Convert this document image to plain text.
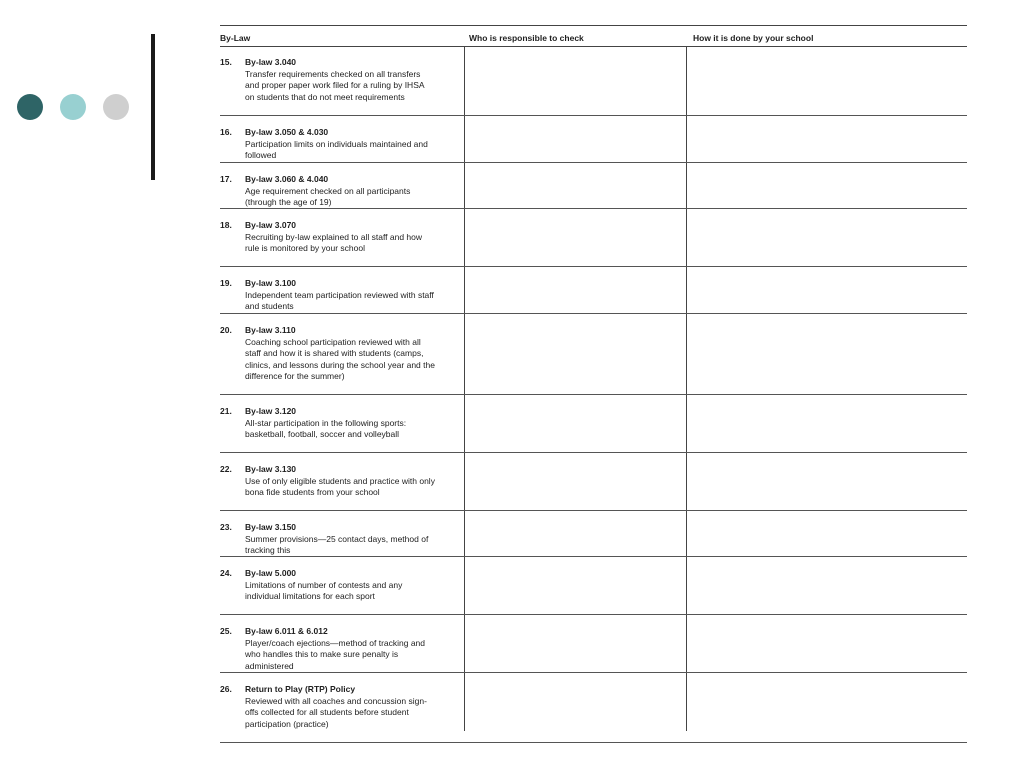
By-Law	Who is responsible to check	How it is done by your school
15. By-law 3.040
Transfer requirements checked on all transfers and proper paper work filed for a ruling by IHSA on students that do not meet requirements
16. By-law 3.050 & 4.030
Participation limits on individuals maintained and followed
17. By-law 3.060 & 4.040
Age requirement checked on all participants (through the age of 19)
18. By-law 3.070
Recruiting by-law explained to all staff and how rule is monitored by your school
19. By-law 3.100
Independent team participation reviewed with staff and students
20. By-law 3.110
Coaching school participation reviewed with all staff and how it is shared with students (camps, clinics, and lessons during the school year and the difference for the summer)
21. By-law 3.120
All-star participation in the following sports: basketball, football, soccer and volleyball
22. By-law 3.130
Use of only eligible students and practice with only bona fide students from your school
23. By-law 3.150
Summer provisions—25 contact days, method of tracking this
24. By-law 5.000
Limitations of number of contests and any individual limitations for each sport
25. By-law 6.011 & 6.012
Player/coach ejections—method of tracking and who handles this to make sure penalty is administered
26. Return to Play (RTP) Policy
Reviewed with all coaches and concussion sign-offs collected for all students before student participation (practice)
